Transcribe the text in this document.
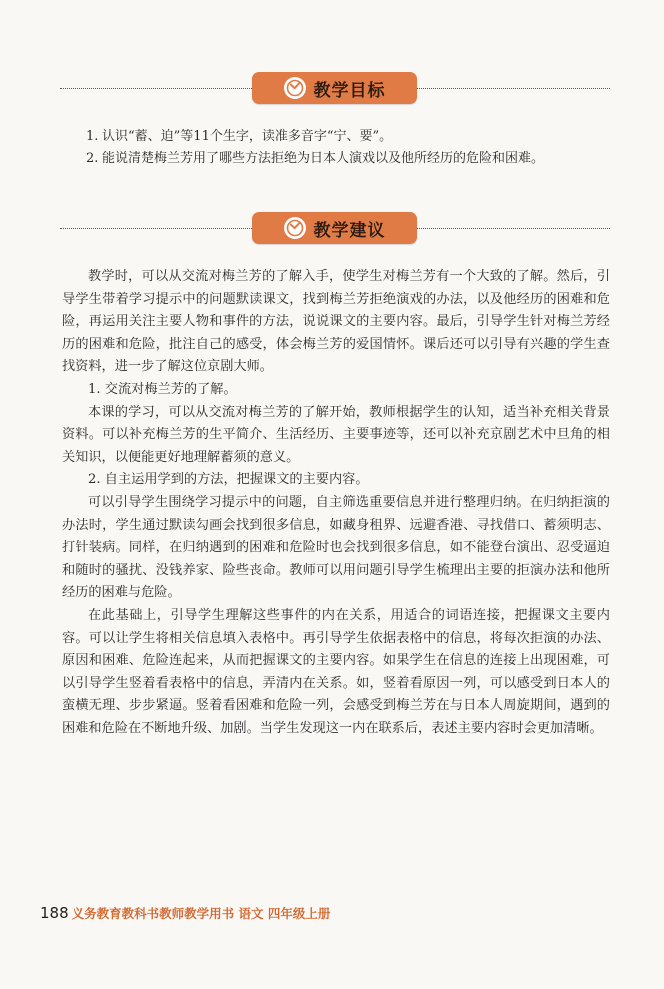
教学目标
1. 认识“蓄、迫”等11个生字，读准多音字“宁、要”。
2. 能说清楚梅兰芳用了哪些方法拒绝为日本人演戏以及他所经历的危险和困难。
教学建议

教学时，可以从交流对梅兰芳的了解入手，使学生对梅兰芳有一个大致的了解。然后，引导学生带着学习提示中的问题默读课文，找到梅兰芳拒绝演戏的办法，以及他经历的困难和危险，再运用关注主要人物和事件的方法，说说课文的主要内容。最后，引导学生针对梅兰芳经历的困难和危险，批注自己的感受，体会梅兰芳的爱国情怀。课后还可以引导有兴趣的学生查找资料，进一步了解这位京剧大师。

1. 交流对梅兰芳的了解。

本课的学习，可以从交流对梅兰芳的了解开始，教师根据学生的认知，适当补充相关背景资料。可以补充梅兰芳的生平简介、生活经历、主要事迹等，还可以补充京剧艺术中旦角的相关知识，以便能更好地理解蓄须的意义。

2. 自主运用学到的方法，把握课文的主要内容。

可以引导学生围绕学习提示中的问题，自主筛选重要信息并进行整理归纳。在归纳拒演的办法时，学生通过默读勾画会找到很多信息，如藏身租界、远避香港、寻找借口、蓄须明志、打针装病。同样，在归纳遇到的困难和危险时也会找到很多信息，如不能登台演出、忍受逼迫和随时的骚扰、没钱养家、险些丧命。教师可以用问题引导学生梳理出主要的拒演办法和他所经历的困难与危险。

在此基础上，引导学生理解这些事件的内在关系，用适合的词语连接，把握课文主要内容。可以让学生将相关信息填入表格中。再引导学生依据表格中的信息，将每次拒演的办法、原因和困难、危险连起来，从而把握课文的主要内容。如果学生在信息的连接上出现困难，可以引导学生竖着看表格中的信息，弄清内在关系。如，竖着看原因一列，可以感受到日本人的蛮横无理、步步紧逼。竖着看困难和危险一列，会感受到梅兰芳在与日本人周旋期间，遇到的困难和危险在不断地升级、加剧。当学生发现这一内在联系后，表述主要内容时会更加清晰。

188 义务教育教科书教师教学用书 语文 四年级上册
